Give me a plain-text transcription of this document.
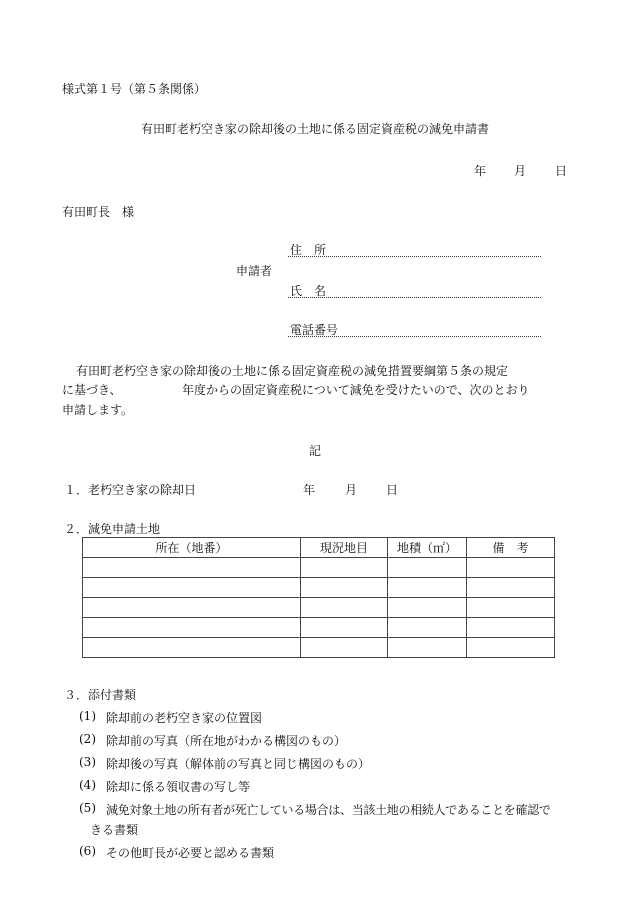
様式第１号（第５条関係）
有田町老朽空き家の除却後の土地に係る固定資産税の減免申請書
年 月 日
有田町長　様
申請者
住　所
氏　名
電話番号
有田町老朽空き家の除却後の土地に係る固定資産税の減免措置要綱第５条の規定
に基づき、	年度からの固定資産税について減免を受けたいので、次のとおり
申請します。
記
１．老朽空き家の除却日	年 月 日
２．減免申請土地
所在（地番）	現況地目	地積（㎡）	備　考

３．添付書類
(1) 除却前の老朽空き家の位置図
(2) 除却前の写真（所在地がわかる構図のもの）
(3) 除却後の写真（解体前の写真と同じ構図のもの）
(4) 除却に係る領収書の写し等
(5) 減免対象土地の所有者が死亡している場合は、当該土地の相続人であることを確認で
きる書類
(6) その他町長が必要と認める書類
